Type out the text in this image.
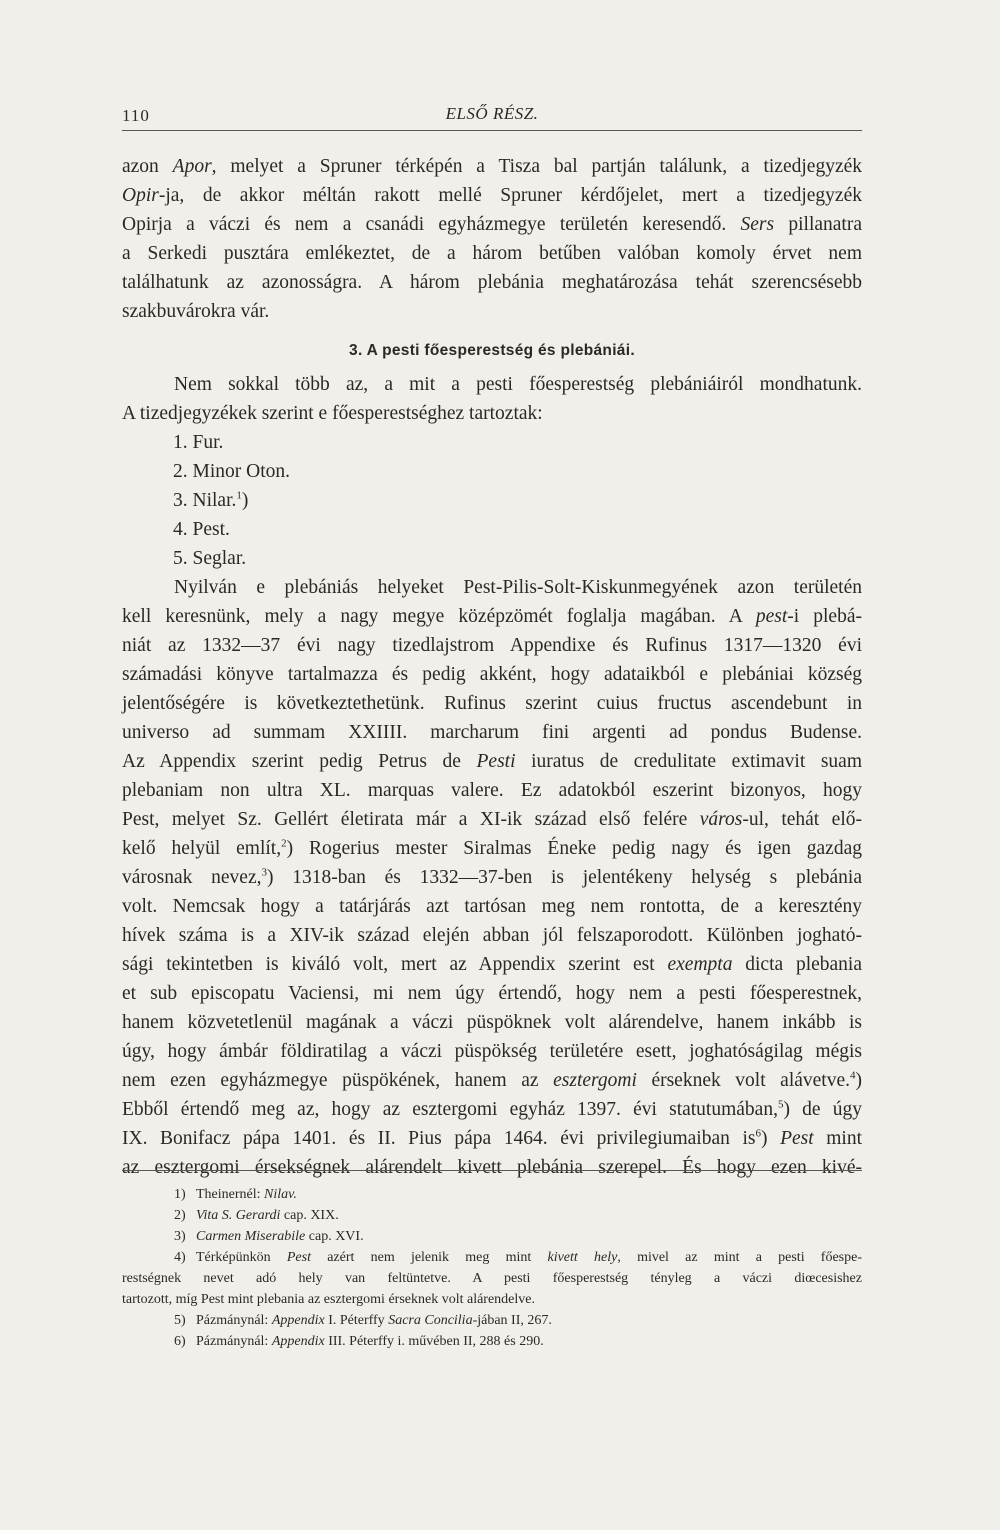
110	ELSŐ RÉSZ.
azon Apor, melyet a Spruner térképén a Tisza bal partján találunk, a tizedjegyzék
Opir-ja, de akkor méltán rakott mellé Spruner kérdőjelet, mert a tizedjegyzék
Opirja a váczi és nem a csanádi egyházmegye területén keresendő. Sers pillanatra
a Serkedi pusztára emlékeztet, de a három betűben valóban komoly érvet nem
találhatunk az azonosságra. A három plebánia meghatározása tehát szerencsésebb
szakbuvárokra vár.
3. A pesti főesperestség és plebániái.
Nem sokkal több az, a mit a pesti főesperestség plebániáiról mondhatunk.
A tizedjegyzékek szerint e főesperestséghez tartoztak:
1. Fur.
2. Minor Oton.
3. Nilar.$^1$)
4. Pest.
5. Seglar.
Nyilván e plebániás helyeket Pest-Pilis-Solt-Kiskunmegyének azon területén
kell keresnünk, mely a nagy megye középzömét foglalja magában. A pest-i plebá-
niát az 1332—37 évi nagy tizedlajstrom Appendixe és Rufinus 1317—1320 évi
számadási könyve tartalmazza és pedig akként, hogy adataikból e plebániai község
jelentőségére is következtethetünk. Rufinus szerint cuius fructus ascendebunt in
universo ad summam XXIIII. marcharum fini argenti ad pondus Budense.
Az Appendix szerint pedig Petrus de Pesti iuratus de credulitate extimavit suam
plebaniam non ultra XL. marquas valere. Ez adatokból eszerint bizonyos, hogy
Pest, melyet Sz. Gellért életirata már a XI-ik század első felére város-ul, tehát elő-
kelő helyül említ,$^2$) Rogerius mester Siralmas Éneke pedig nagy és igen gazdag
városnak nevez,$^3$) 1318-ban és 1332—37-ben is jelentékeny helység s plebánia
volt. Nemcsak hogy a tatárjárás azt tartósan meg nem rontotta, de a keresztény
hívek száma is a XIV-ik század elején abban jól felszaporodott. Különben joghatό-
sági tekintetben is kiváló volt, mert az Appendix szerint est exempta dicta plebania
et sub episcopatu Vaciensi, mi nem úgy értendő, hogy nem a pesti főesperestnek,
hanem közvetetlenül magának a váczi püspöknek volt alárendelve, hanem inkább is
úgy, hogy ámbár földiratilag a váczi püspökség területére esett, joghatóságilag mégis
nem ezen egyházmegye püspökének, hanem az esztergomi érseknek volt alávetve.$^4$)
Ebből értendő meg az, hogy az esztergomi egyház 1397. évi statutumában,$^5$) de úgy
IX. Bonifacz pápa 1401. és II. Pius pápa 1464. évi privilegiumaiban $is^6$) Pest mint
az esztergomi érsekségnek alárendelt kivett plebánia szerepel. És hogy ezen kivé-
1) Theinernél: Nilav.
2) Vita S. Gerardi cap. XIX.
3) Carmen Miserabile cap. XVI.
4) Térképünkön Pest azért nem jelenik meg mint kivett hely, mivel az mint a pesti főespe-
restségnek nevet adó hely van feltüntetve. A pesti főesperestség tényleg a váczi diœcesishez
tartozott, míg Pest mint plebania az esztergomi érseknek volt alárendelve.
5) Pázmánynál: Appendix I. Péterffy Sacra Concilia-jában II, 267.
6) Pázmánynál: Appendix III. Péterffy i. művében II, 288 és 290.
